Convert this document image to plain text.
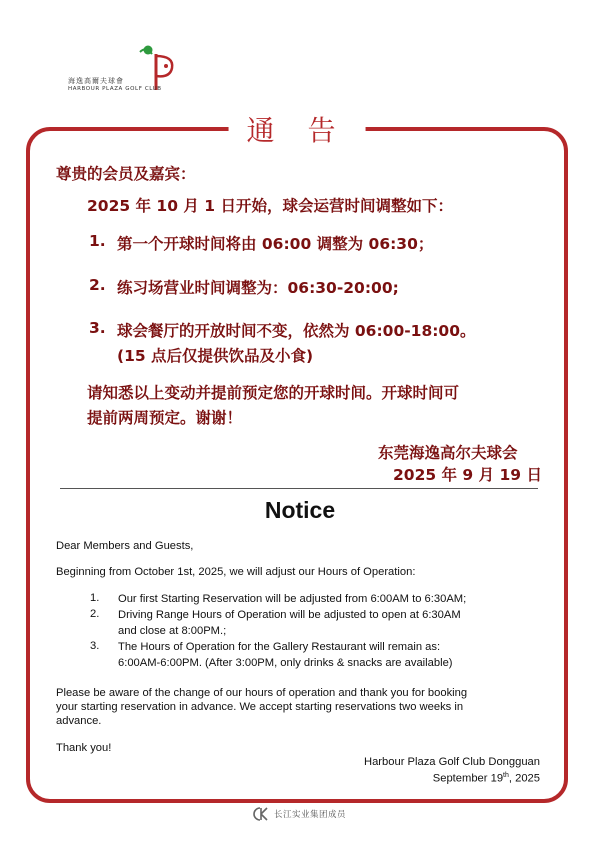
海逸高爾夫球會
HARBOUR PLAZA GOLF CLUB
通 告
尊贵的会员及嘉宾：
2025 年 10 月 1 日开始，球会运营时间调整如下：
1. 第一个开球时间将由 06:00 调整为 06:30；
2. 练习场营业时间调整为：06:30-20:00;
3. 球会餐厅的开放时间不变，依然为 06:00-18:00。
(15 点后仅提供饮品及小食)
请知悉以上变动并提前预定您的开球时间。开球时间可
提前两周预定。谢谢！
东莞海逸高尔夫球会
2025 年 9 月 19 日
Notice
Dear Members and Guests,
Beginning from October 1st, 2025, we will adjust our Hours of Operation:
1. Our first Starting Reservation will be adjusted from 6:00AM to 6:30AM;
2. Driving Range Hours of Operation will be adjusted to open at 6:30AM
and close at 8:00PM.;
3. The Hours of Operation for the Gallery Restaurant will remain as:
6:00AM-6:00PM. (After 3:00PM, only drinks & snacks are available)
Please be aware of the change of our hours of operation and thank you for booking
your starting reservation in advance. We accept starting reservations two weeks in
advance.
Thank you!
Harbour Plaza Golf Club Dongguan
September 19th, 2025
长江实业集团成员
